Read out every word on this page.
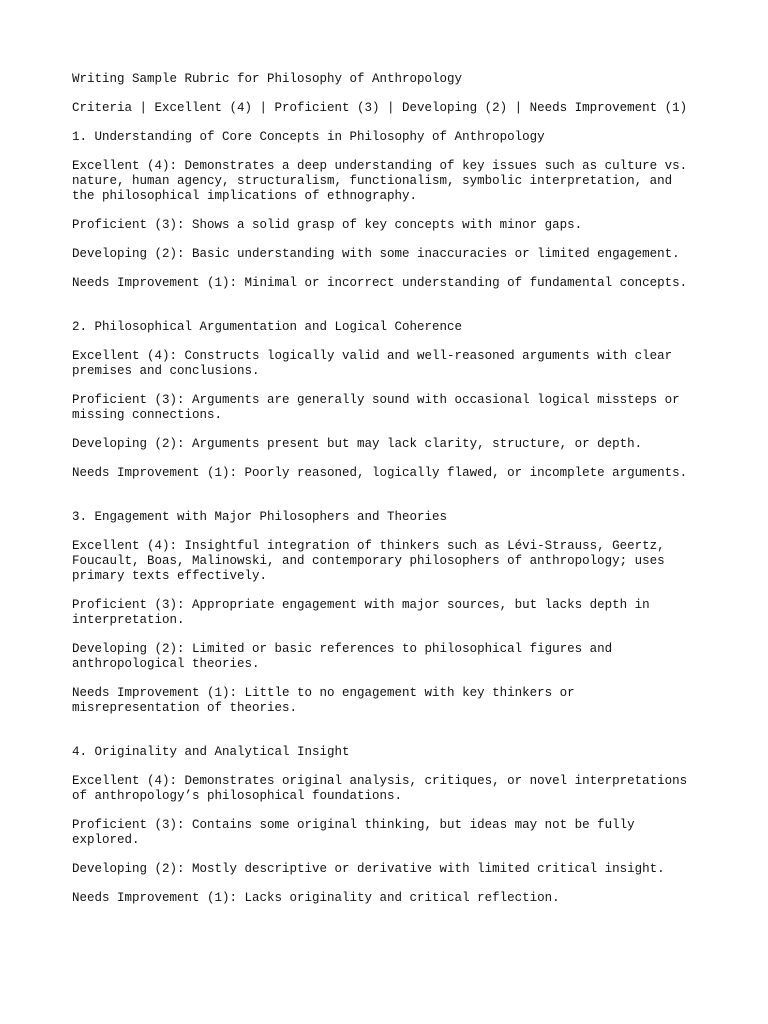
Writing Sample Rubric for Philosophy of Anthropology

Criteria | Excellent (4) | Proficient (3) | Developing (2) | Needs Improvement (1)

1. Understanding of Core Concepts in Philosophy of Anthropology

Excellent (4): Demonstrates a deep understanding of key issues such as culture vs.
nature, human agency, structuralism, functionalism, symbolic interpretation, and
the philosophical implications of ethnography.

Proficient (3): Shows a solid grasp of key concepts with minor gaps.

Developing (2): Basic understanding with some inaccuracies or limited engagement.

Needs Improvement (1): Minimal or incorrect understanding of fundamental concepts.

2. Philosophical Argumentation and Logical Coherence

Excellent (4): Constructs logically valid and well-reasoned arguments with clear
premises and conclusions.

Proficient (3): Arguments are generally sound with occasional logical missteps or
missing connections.

Developing (2): Arguments present but may lack clarity, structure, or depth.

Needs Improvement (1): Poorly reasoned, logically flawed, or incomplete arguments.

3. Engagement with Major Philosophers and Theories

Excellent (4): Insightful integration of thinkers such as Lévi-Strauss, Geertz,
Foucault, Boas, Malinowski, and contemporary philosophers of anthropology; uses
primary texts effectively.

Proficient (3): Appropriate engagement with major sources, but lacks depth in
interpretation.

Developing (2): Limited or basic references to philosophical figures and
anthropological theories.

Needs Improvement (1): Little to no engagement with key thinkers or
misrepresentation of theories.

4. Originality and Analytical Insight

Excellent (4): Demonstrates original analysis, critiques, or novel interpretations
of anthropology’s philosophical foundations.

Proficient (3): Contains some original thinking, but ideas may not be fully
explored.

Developing (2): Mostly descriptive or derivative with limited critical insight.

Needs Improvement (1): Lacks originality and critical reflection.
